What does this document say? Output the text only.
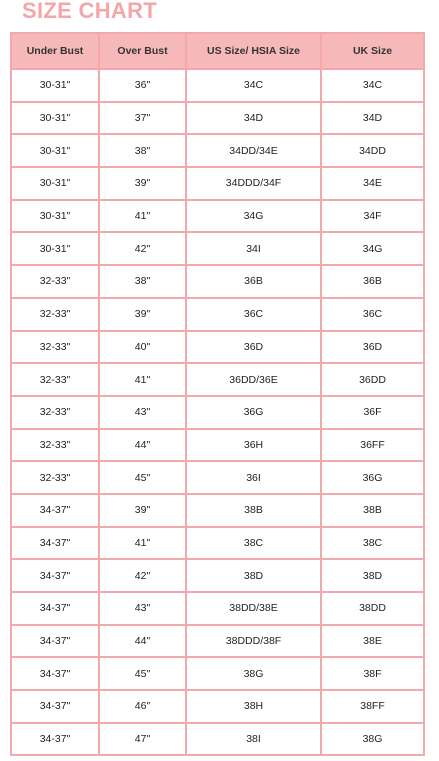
SIZE CHART
Under Bust	Over Bust	US Size/ HSIA Size	UK Size
30-31"	36"	34C	34C
30-31"	37"	34D	34D
30-31"	38"	34DD/34E	34DD
30-31"	39"	34DDD/34F	34E
30-31"	41"	34G	34F
30-31"	42"	34I	34G
32-33"	38"	36B	36B
32-33"	39"	36C	36C
32-33"	40"	36D	36D
32-33"	41"	36DD/36E	36DD
32-33"	43"	36G	36F
32-33"	44"	36H	36FF
32-33"	45"	36I	36G
34-37"	39"	38B	38B
34-37"	41"	38C	38C
34-37"	42"	38D	38D
34-37"	43"	38DD/38E	38DD
34-37"	44"	38DDD/38F	38E
34-37"	45"	38G	38F
34-37"	46"	38H	38FF
34-37"	47"	38I	38G
